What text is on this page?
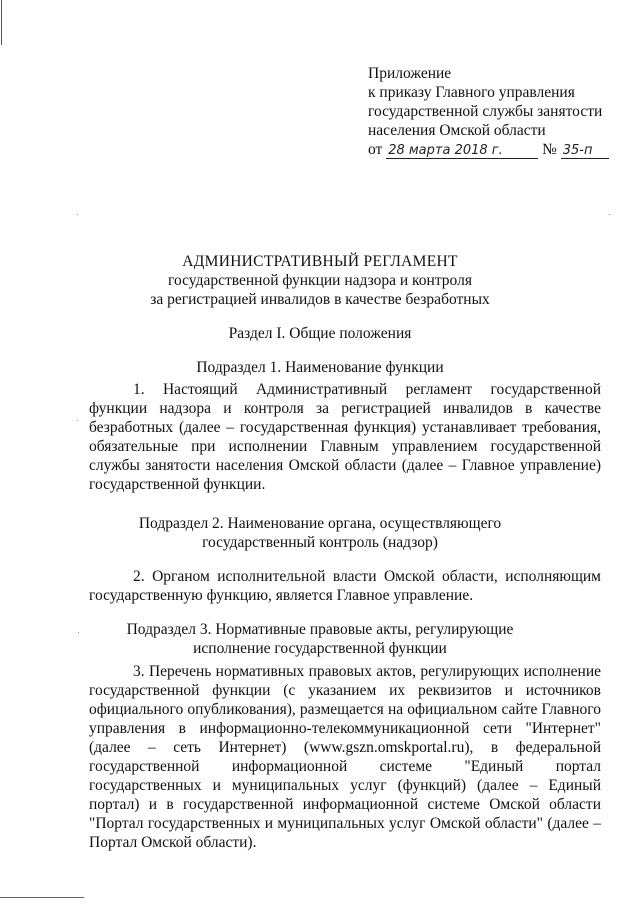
Приложение
к приказу Главного управления
государственной службы занятости
населения Омской области
от 28 марта 2018 г.	№ 35-п
АДМИНИСТРАТИВНЫЙ РЕГЛАМЕНТ
государственной функции надзора и контроля
за регистрацией инвалидов в качестве безработных
Раздел I. Общие положения
Подраздел 1. Наименование функции

1. Настоящий Административный регламент государственной функции надзора и контроля за регистрацией инвалидов в качестве безработных (далее – государственная функция) устанавливает требования, обязательные при исполнении Главным управлением государственной службы занятости населения Омской области (далее – Главное управление) государственной функции.

Подраздел 2. Наименование органа, осуществляющего
государственный контроль (надзор)

2. Органом исполнительной власти Омской области, исполняющим государственную функцию, является Главное управление.

Подраздел 3. Нормативные правовые акты, регулирующие
исполнение государственной функции

3. Перечень нормативных правовых актов, регулирующих исполнение государственной функции (с указанием их реквизитов и источников официального опубликования), размещается на официальном сайте Главного управления в информационно-телекоммуникационной сети "Интернет" (далее – сеть Интернет) (www.gszn.omskportal.ru), в федеральной государственной информационной системе "Единый портал государственных и муниципальных услуг (функций) (далее – Единый портал) и в государственной информационной системе Омской области "Портал государственных и муниципальных услуг Омской области" (далее – Портал Омской области).
